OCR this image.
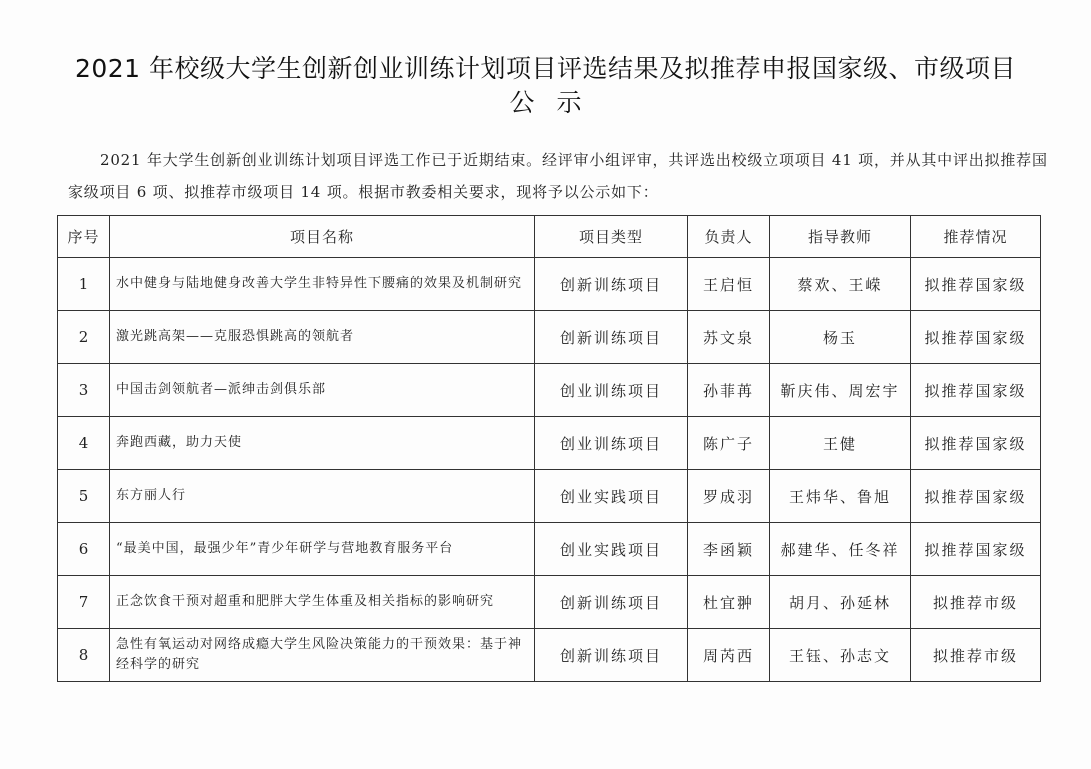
2021 年校级大学生创新创业训练计划项目评选结果及拟推荐申报国家级、市级项目
公示
2021 年大学生创新创业训练计划项目评选工作已于近期结束。经评审小组评审，共评选出校级立项项目 41 项，并从其中评出拟推荐国家级项目 6 项、拟推荐市级项目 14 项。根据市教委相关要求，现将予以公示如下：
序号	项目名称	项目类型	负责人	指导教师	推荐情况
1	水中健身与陆地健身改善大学生非特异性下腰痛的效果及机制研究	创新训练项目	王启恒	蔡欢、王嵘	拟推荐国家级
2	激光跳高架——克服恐惧跳高的领航者	创新训练项目	苏文泉	杨玉	拟推荐国家级
3	中国击剑领航者—派绅击剑俱乐部	创业训练项目	孙菲苒	靳庆伟、周宏宇	拟推荐国家级
4	奔跑西藏，助力天使	创业训练项目	陈广子	王健	拟推荐国家级
5	东方丽人行	创业实践项目	罗成羽	王炜华、鲁旭	拟推荐国家级
6	“最美中国，最强少年”青少年研学与营地教育服务平台	创业实践项目	李函颖	郝建华、任冬祥	拟推荐国家级
7	正念饮食干预对超重和肥胖大学生体重及相关指标的影响研究	创新训练项目	杜宜翀	胡月、孙延林	拟推荐市级
8	急性有氧运动对网络成瘾大学生风险决策能力的干预效果：基于神经科学的研究	创新训练项目	周芮西	王钰、孙志文	拟推荐市级
